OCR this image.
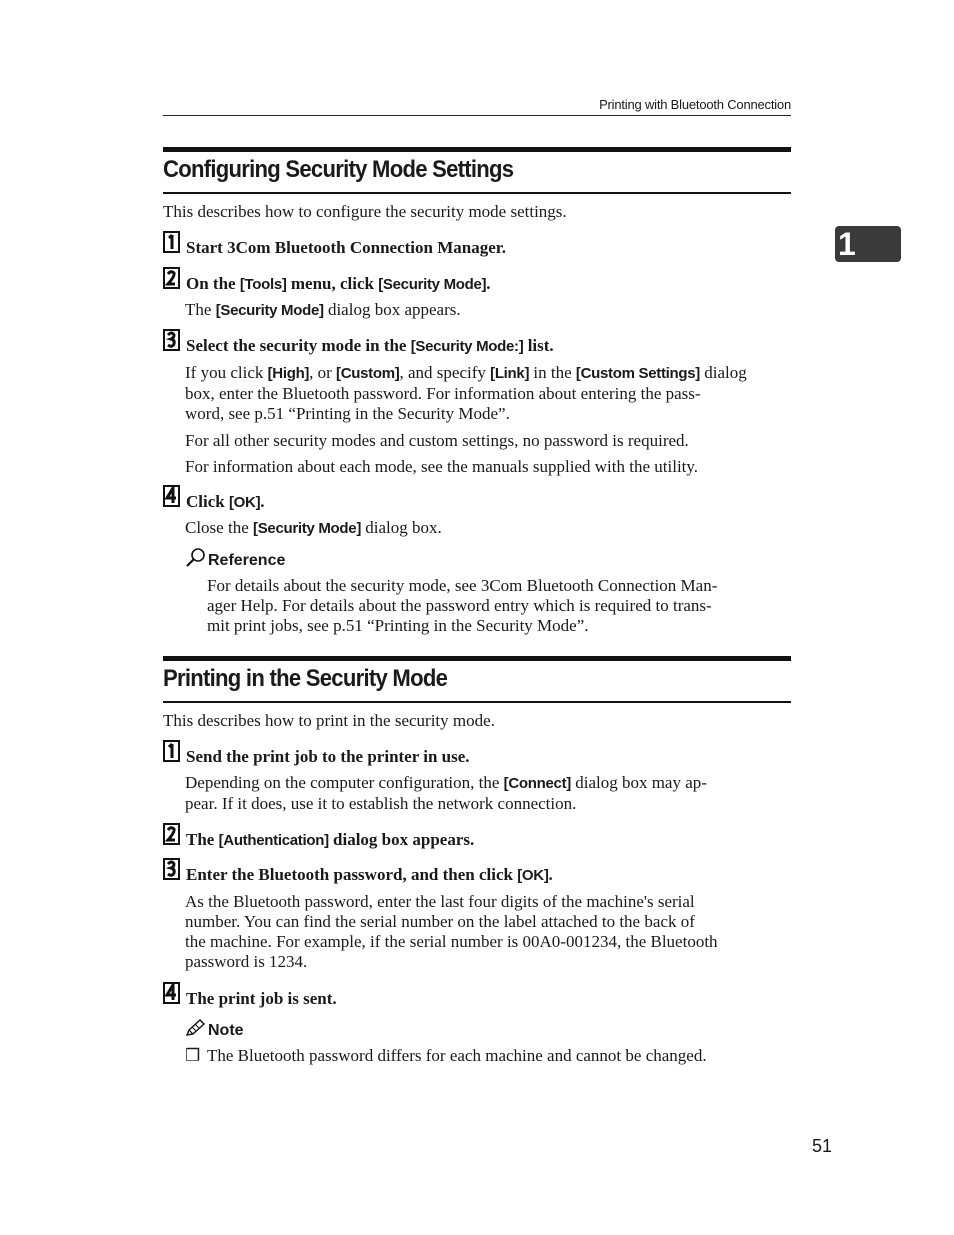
Printing with Bluetooth Connection
1
Configuring Security Mode Settings
This describes how to configure the security mode settings.
Start 3Com Bluetooth Connection Manager.
On the [Tools] menu, click [Security Mode].
The [Security Mode] dialog box appears.
Select the security mode in the [Security Mode:] list.
If you click [High], or [Custom], and specify [Link] in the [Custom Settings] dialog
box, enter the Bluetooth password. For information about entering the pass-
word, see p.51 “Printing in the Security Mode”.
For all other security modes and custom settings, no password is required.
For information about each mode, see the manuals supplied with the utility.
Click [OK].
Close the [Security Mode] dialog box.
Reference
For details about the security mode, see 3Com Bluetooth Connection Man-
ager Help. For details about the password entry which is required to trans-
mit print jobs, see p.51 “Printing in the Security Mode”.
Printing in the Security Mode
This describes how to print in the security mode.
Send the print job to the printer in use.
Depending on the computer configuration, the [Connect] dialog box may ap-
pear. If it does, use it to establish the network connection.
The [Authentication] dialog box appears.
Enter the Bluetooth password, and then click [OK].
As the Bluetooth password, enter the last four digits of the machine's serial
number. You can find the serial number on the label attached to the back of
the machine. For example, if the serial number is 00A0-001234, the Bluetooth
password is 1234.
The print job is sent.
Note
❒ The Bluetooth password differs for each machine and cannot be changed.
51
